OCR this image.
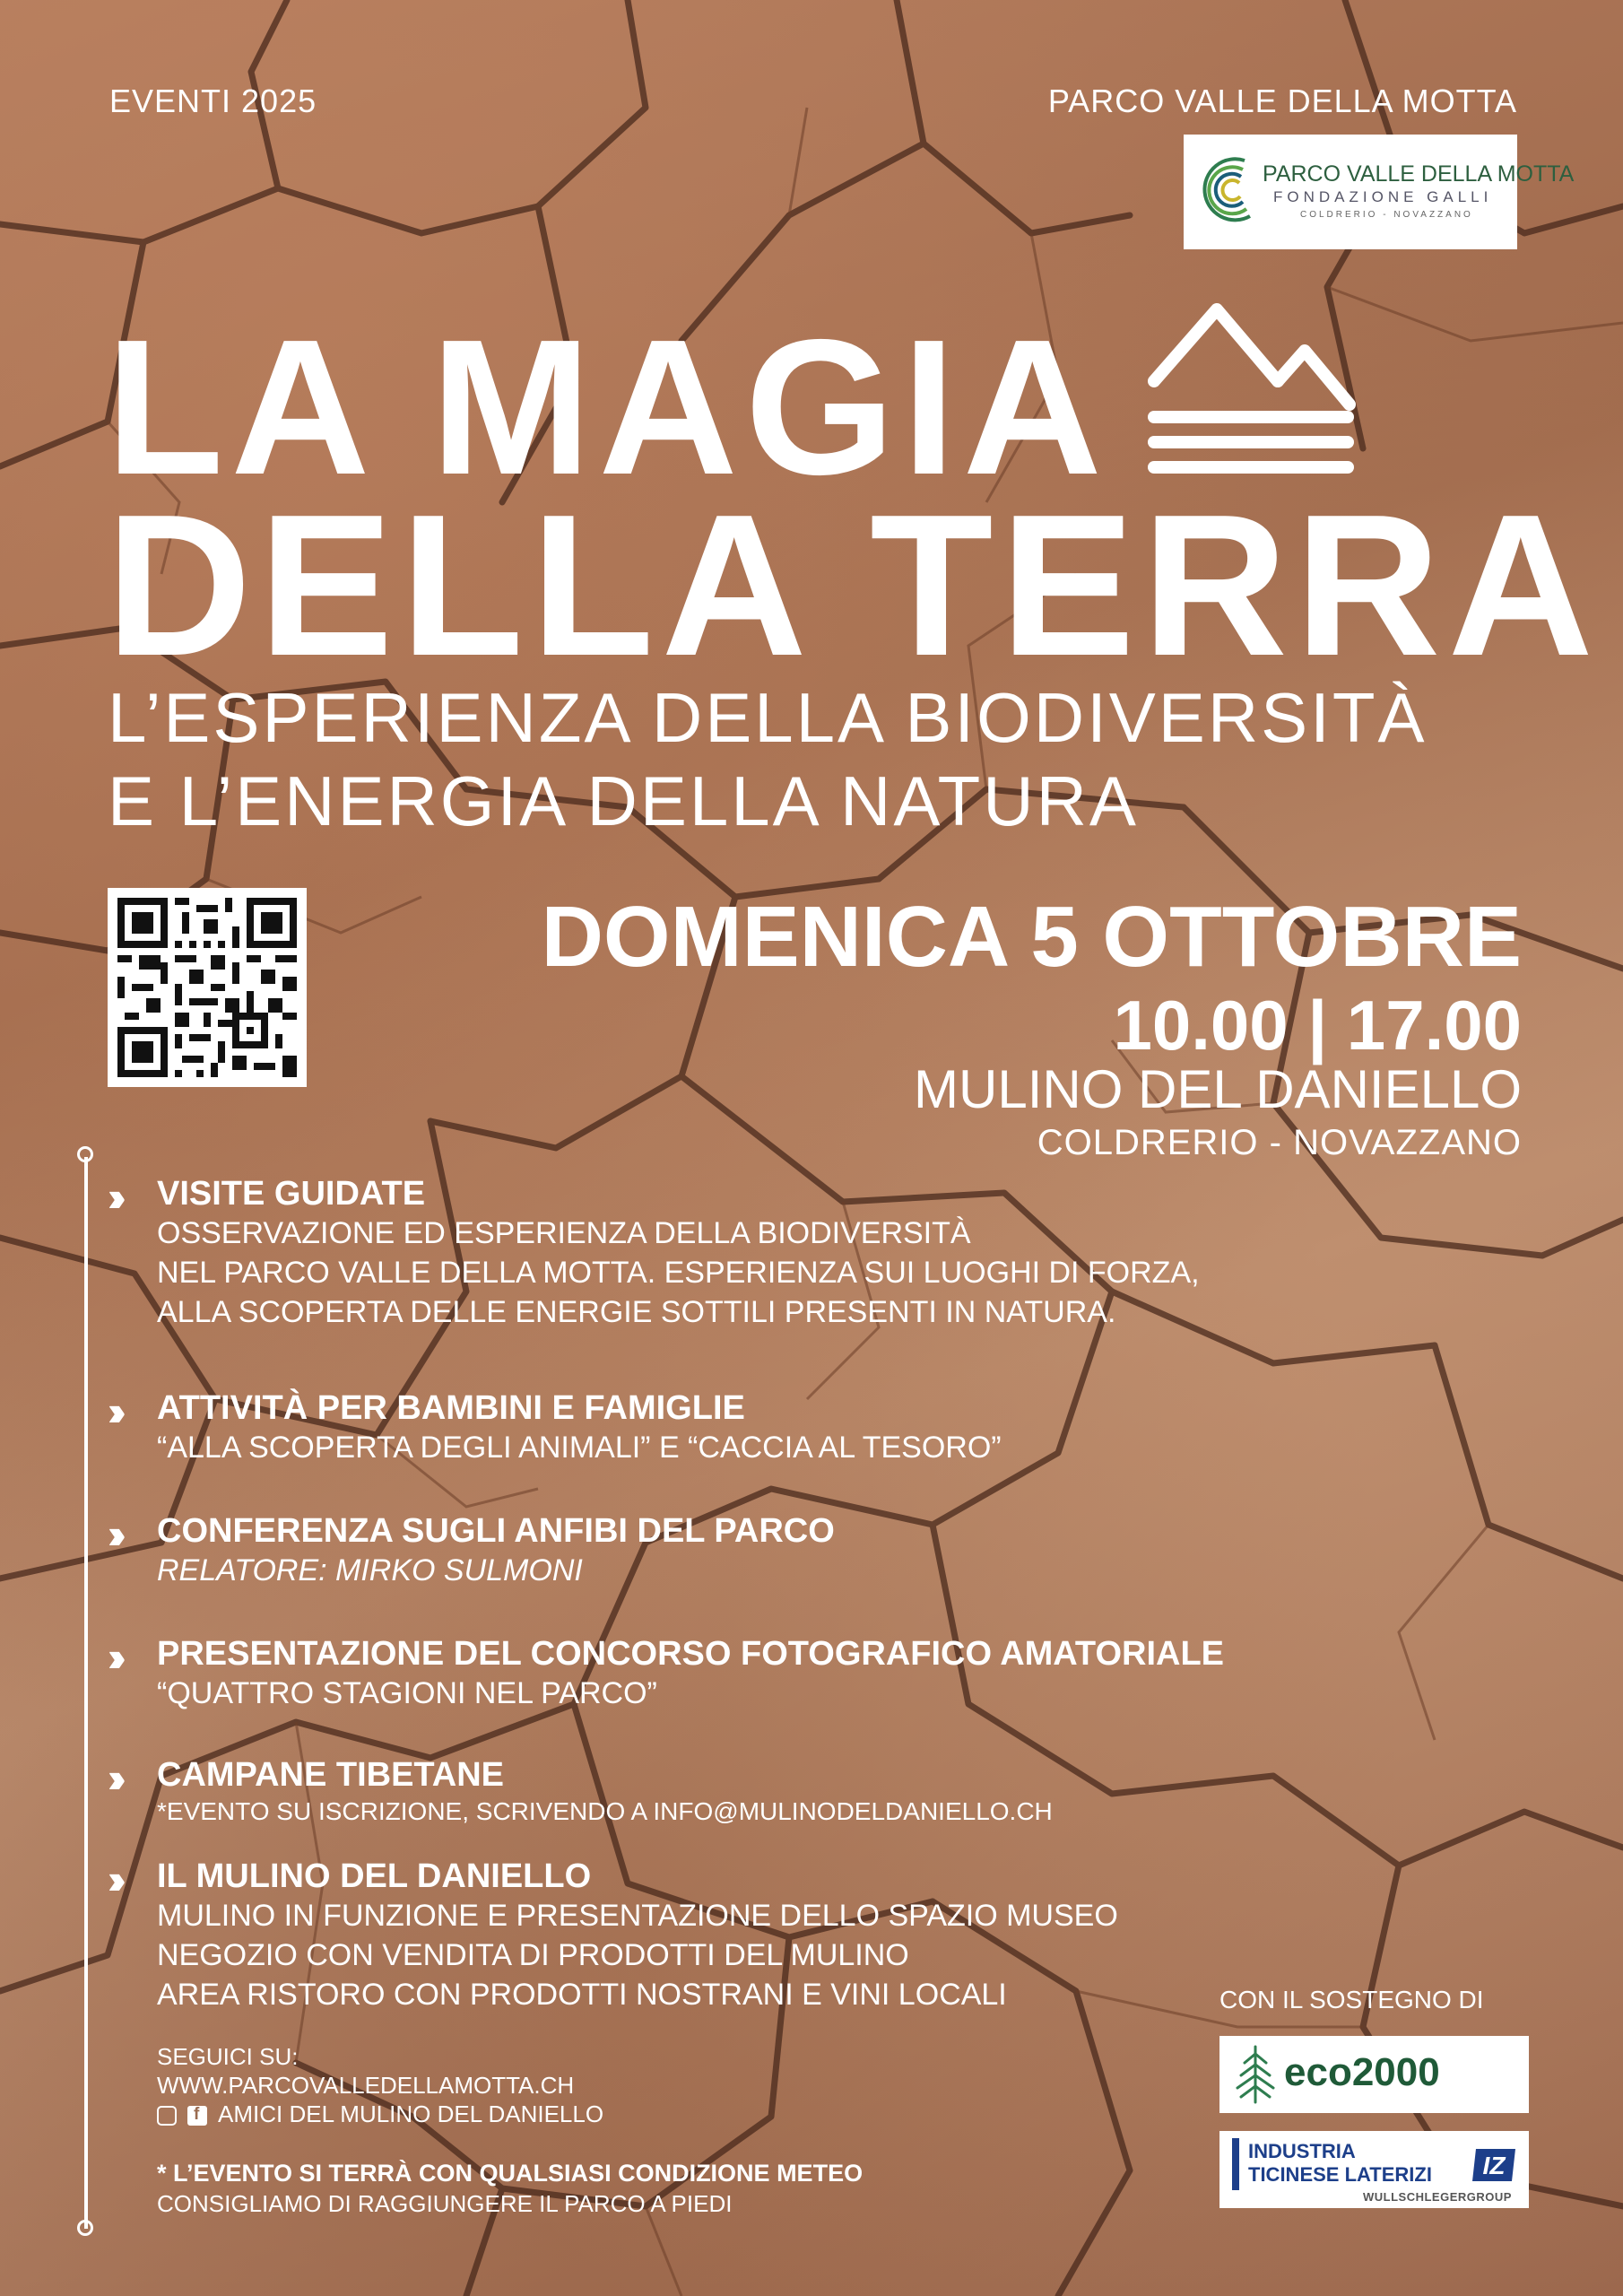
EVENTI 2025	PARCO VALLE DELLA MOTTA
PARCO VALLE DELLA MOTTA
FONDAZIONE GALLI
COLDRERIO - NOVAZZANO
LA MAGIA
DELLA TERRA
L’ESPERIENZA DELLA BIODIVERSITÀ
E L’ENERGIA DELLA NATURA
DOMENICA 5 OTTOBRE
10.00 | 17.00
MULINO DEL DANIELLO
COLDRERIO - NOVAZZANO
›› VISITE GUIDATE
OSSERVAZIONE ED ESPERIENZA DELLA BIODIVERSITÀ
NEL PARCO VALLE DELLA MOTTA. ESPERIENZA SUI LUOGHI DI FORZA,
ALLA SCOPERTA DELLE ENERGIE SOTTILI PRESENTI IN NATURA.
›› ATTIVITÀ PER BAMBINI E FAMIGLIE
“ALLA SCOPERTA DEGLI ANIMALI” E “CACCIA AL TESORO”
›› CONFERENZA SUGLI ANFIBI DEL PARCO
RELATORE: MIRKO SULMONI
›› PRESENTAZIONE DEL CONCORSO FOTOGRAFICO AMATORIALE
“QUATTRO STAGIONI NEL PARCO”
›› CAMPANE TIBETANE
*EVENTO SU ISCRIZIONE, SCRIVENDO A INFO@MULINODELDANIELLO.CH
›› IL MULINO DEL DANIELLO
MULINO IN FUNZIONE E PRESENTAZIONE DELLO SPAZIO MUSEO
NEGOZIO CON VENDITA DI PRODOTTI DEL MULINO
AREA RISTORO CON PRODOTTI NOSTRANI E VINI LOCALI
SEGUICI SU:
WWW.PARCOVALLEDELLAMOTTA.CH
f AMICI DEL MULINO DEL DANIELLO
* L’EVENTO SI TERRÀ CON QUALSIASI CONDIZIONE METEO
CONSIGLIAMO DI RAGGIUNGERE IL PARCO A PIEDI
CON IL SOSTEGNO DI
eco2000
INDUSTRIA
TICINESE LATERIZI
WULLSCHLEGERGROUP
IZ
